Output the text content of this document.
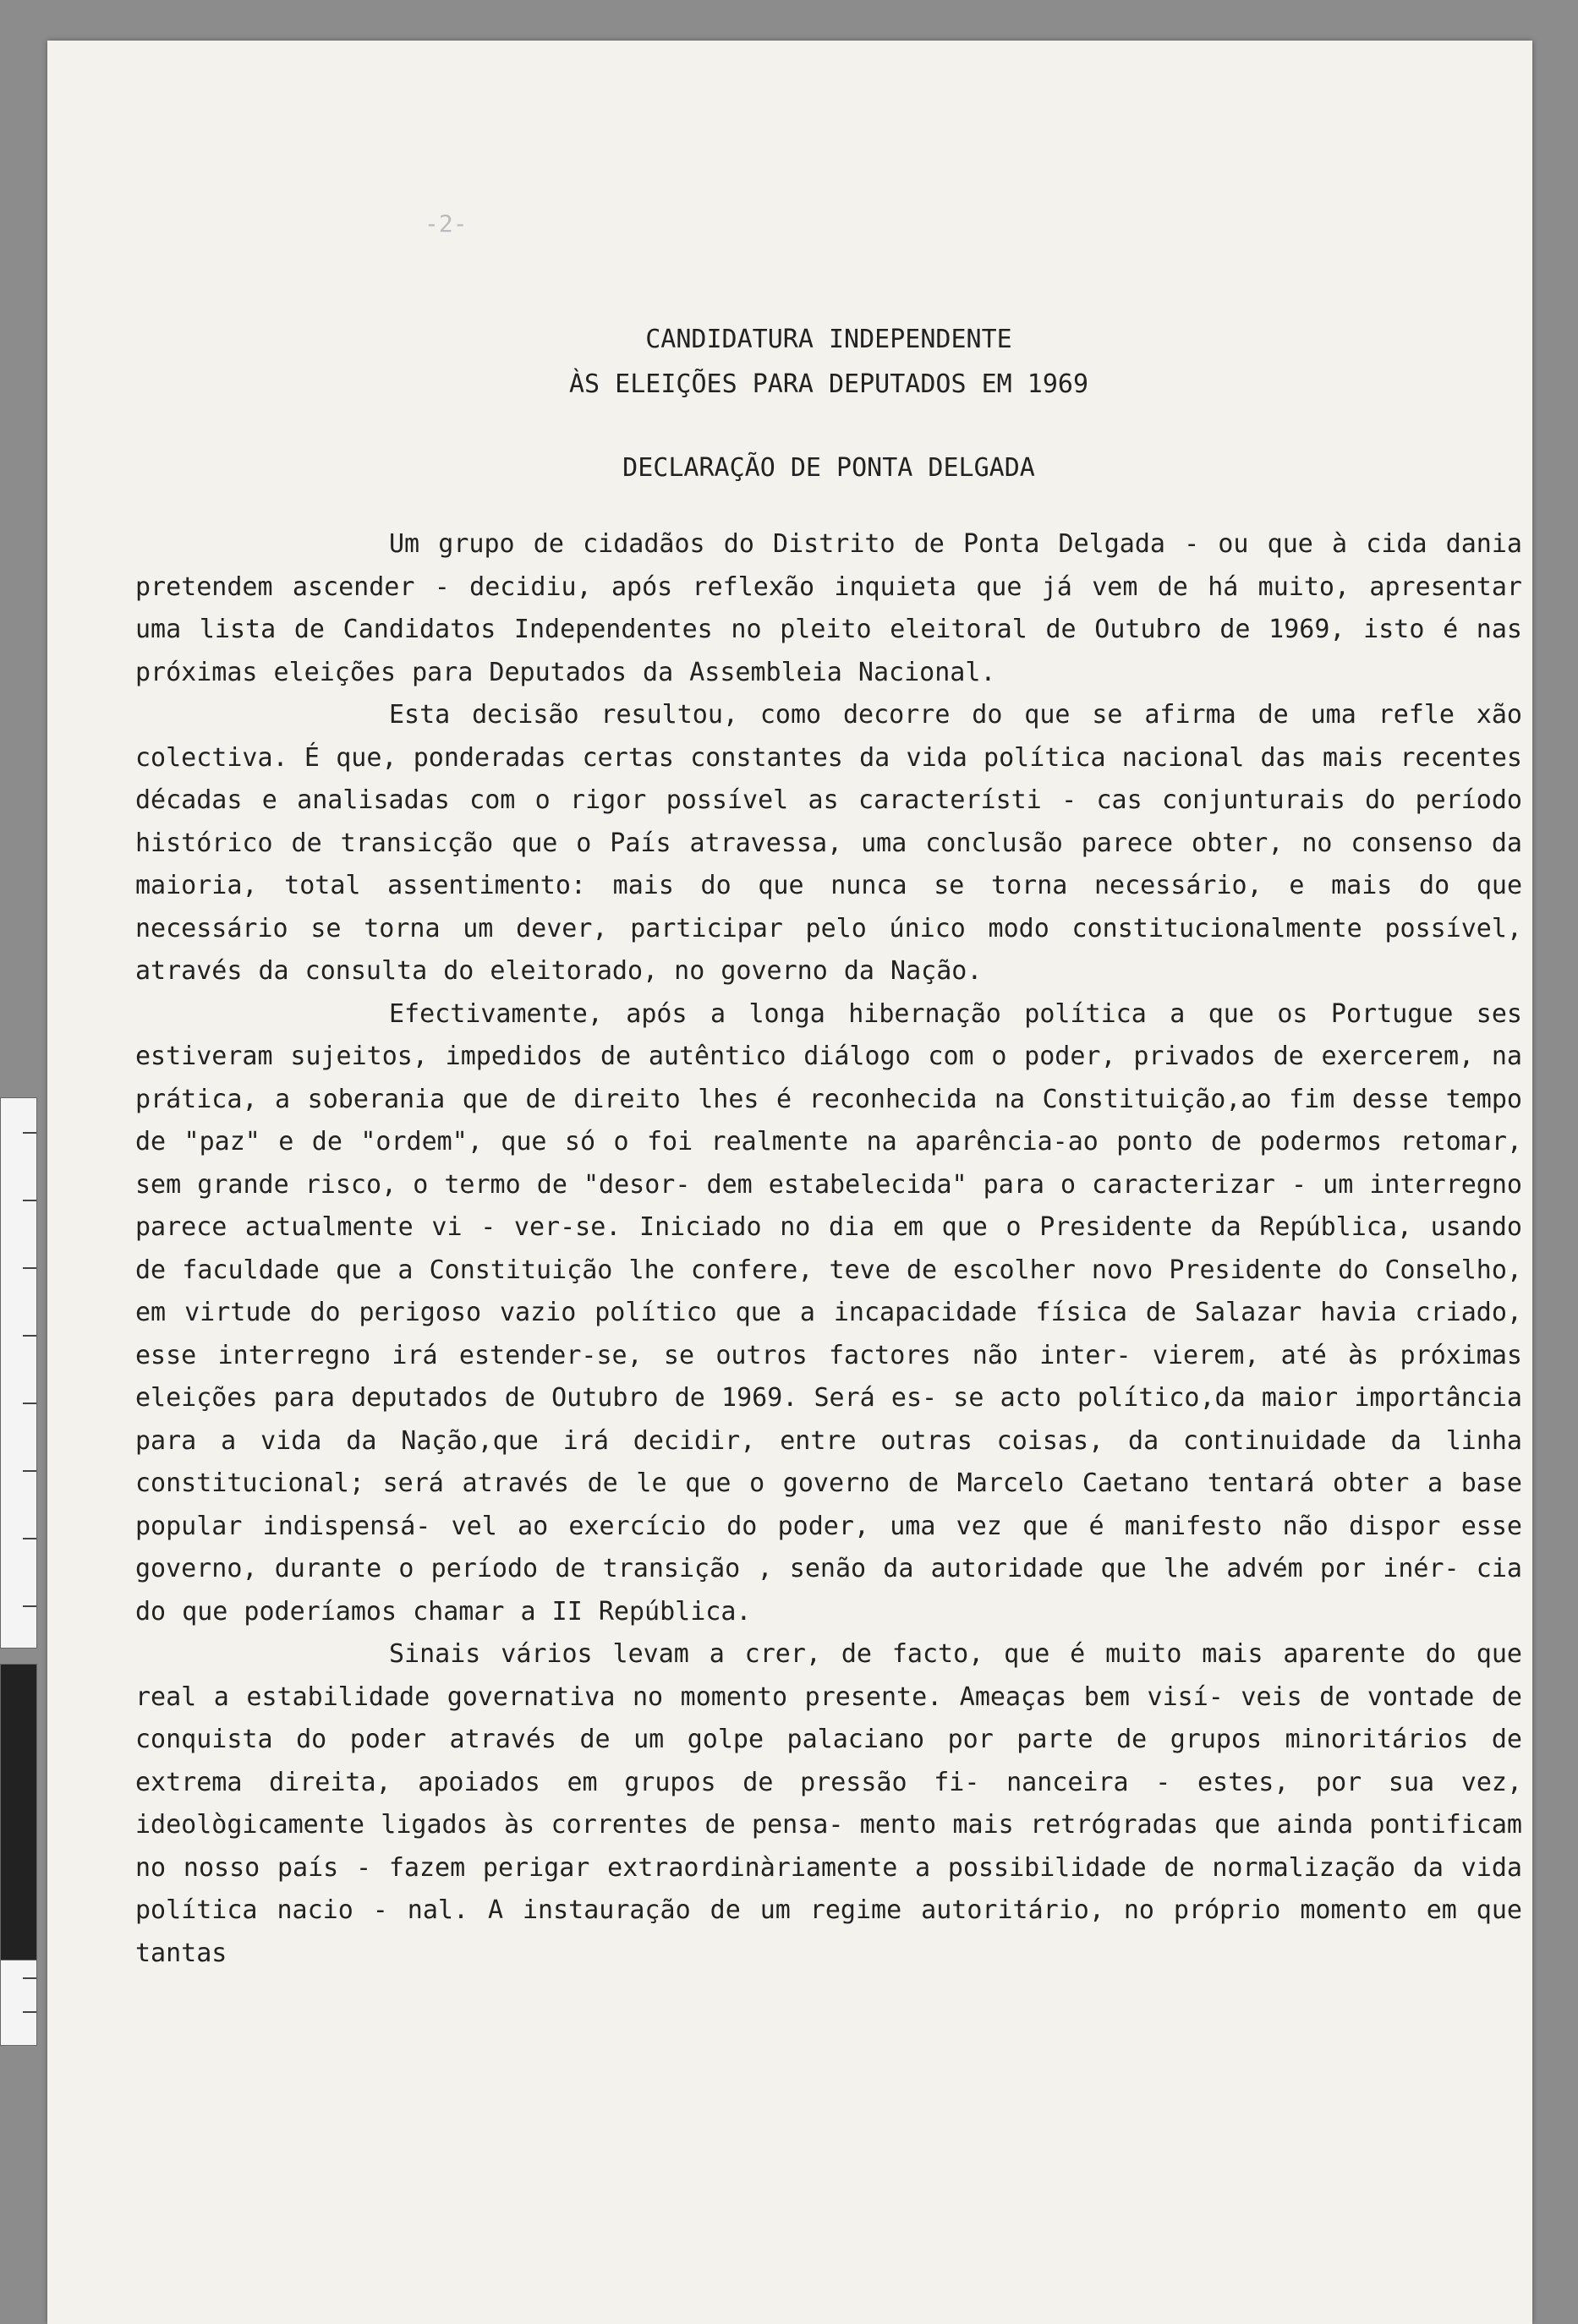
-2-

CANDIDATURA INDEPENDENTE

ÀS ELEIÇÕES PARA DEPUTADOS EM 1969

DECLARAÇÃO DE PONTA DELGADA

Um grupo de cidadãos do Distrito de Ponta Delgada - ou que à cida dania pretendem ascender - decidiu, após reflexão inquieta que já vem de há muito, apresentar uma lista de Candidatos Independentes no pleito eleitoral de Outubro de 1969, isto é nas próximas eleições para Deputados da Assembleia Nacional.

Esta decisão resultou, como decorre do que se afirma de uma refle xão colectiva. É que, ponderadas certas constantes da vida política nacional das mais recentes décadas e analisadas com o rigor possível as característi - cas conjunturais do período histórico de transicção que o País atravessa, uma conclusão parece obter, no consenso da maioria, total assentimento: mais do que nunca se torna necessário, e mais do que necessário se torna um dever, participar pelo único modo constitucionalmente possível, através da consulta do eleitorado, no governo da Nação.

Efectivamente, após a longa hibernação política a que os Portugue ses estiveram sujeitos, impedidos de autêntico diálogo com o poder, privados de exercerem, na prática, a soberania que de direito lhes é reconhecida na Constituição,ao fim desse tempo de "paz" e de "ordem", que só o foi realmente na aparência-ao ponto de podermos retomar, sem grande risco, o termo de "desor- dem estabelecida" para o caracterizar - um interregno parece actualmente vi - ver-se. Iniciado no dia em que o Presidente da República, usando de faculdade que a Constituição lhe confere, teve de escolher novo Presidente do Conselho, em virtude do perigoso vazio político que a incapacidade física de Salazar havia criado, esse interregno irá estender-se, se outros factores não inter- vierem, até às próximas eleições para deputados de Outubro de 1969. Será es- se acto político,da maior importância para a vida da Nação,que irá decidir, entre outras coisas, da continuidade da linha constitucional; será através de le que o governo de Marcelo Caetano tentará obter a base popular indispensá- vel ao exercício do poder, uma vez que é manifesto não dispor esse governo, durante o período de transição , senão da autoridade que lhe advém por inér- cia do que poderíamos chamar a II República.

Sinais vários levam a crer, de facto, que é muito mais aparente do que real a estabilidade governativa no momento presente. Ameaças bem visí- veis de vontade de conquista do poder através de um golpe palaciano por parte de grupos minoritários de extrema direita, apoiados em grupos de pressão fi- nanceira - estes, por sua vez, ideològicamente ligados às correntes de pensa- mento mais retrógradas que ainda pontificam no nosso país - fazem perigar extraordinàriamente a possibilidade de normalização da vida política nacio - nal. A instauração de um regime autoritário, no próprio momento em que tantas
